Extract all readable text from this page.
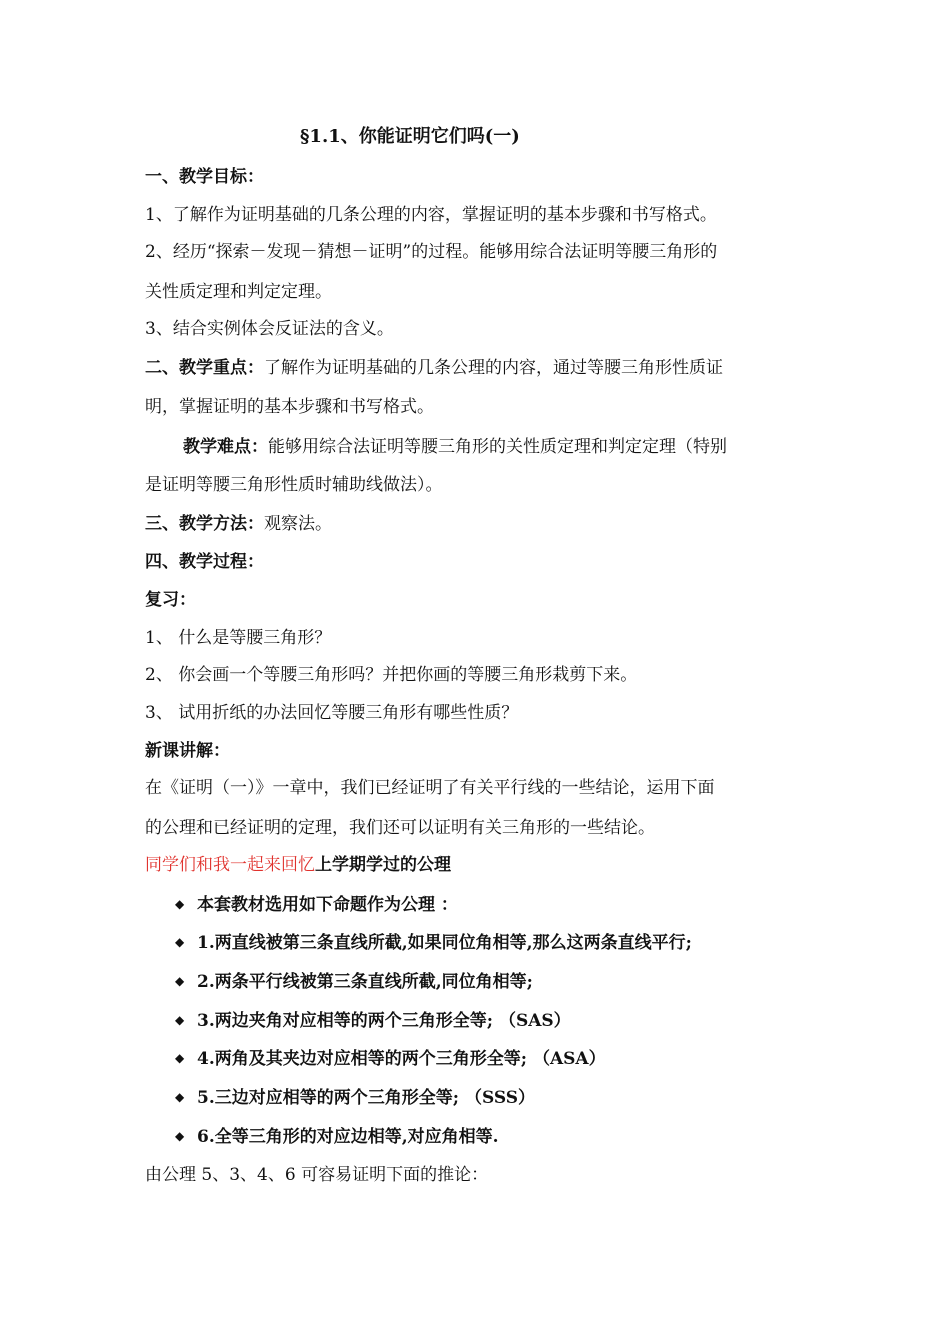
§1.1、你能证明它们吗(一)
一、教学目标：
1、了解作为证明基础的几条公理的内容，掌握证明的基本步骤和书写格式。
2、经历“探索－发现－猜想－证明”的过程。能够用综合法证明等腰三角形的
关性质定理和判定定理。
3、结合实例体会反证法的含义。
二、教学重点：了解作为证明基础的几条公理的内容，通过等腰三角形性质证
明，掌握证明的基本步骤和书写格式。
教学难点：能够用综合法证明等腰三角形的关性质定理和判定定理（特别
是证明等腰三角形性质时辅助线做法）。
三、教学方法：观察法。
四、教学过程：
复习：
1、 什么是等腰三角形？
2、 你会画一个等腰三角形吗？并把你画的等腰三角形栽剪下来。
3、 试用折纸的办法回忆等腰三角形有哪些性质？
新课讲解：
在《证明（一）》一章中，我们已经证明了有关平行线的一些结论，运用下面
的公理和已经证明的定理，我们还可以证明有关三角形的一些结论。
同学们和我一起来回忆上学期学过的公理
◆ 本套教材选用如下命题作为公理 ：
◆ 1.两直线被第三条直线所截,如果同位角相等,那么这两条直线平行;
◆ 2.两条平行线被第三条直线所截,同位角相等;
◆ 3.两边夹角对应相等的两个三角形全等; （SAS）
◆ 4.两角及其夹边对应相等的两个三角形全等; （ASA）
◆ 5.三边对应相等的两个三角形全等; （SSS）
◆ 6.全等三角形的对应边相等,对应角相等.
由公理 5、3、4、6 可容易证明下面的推论：
